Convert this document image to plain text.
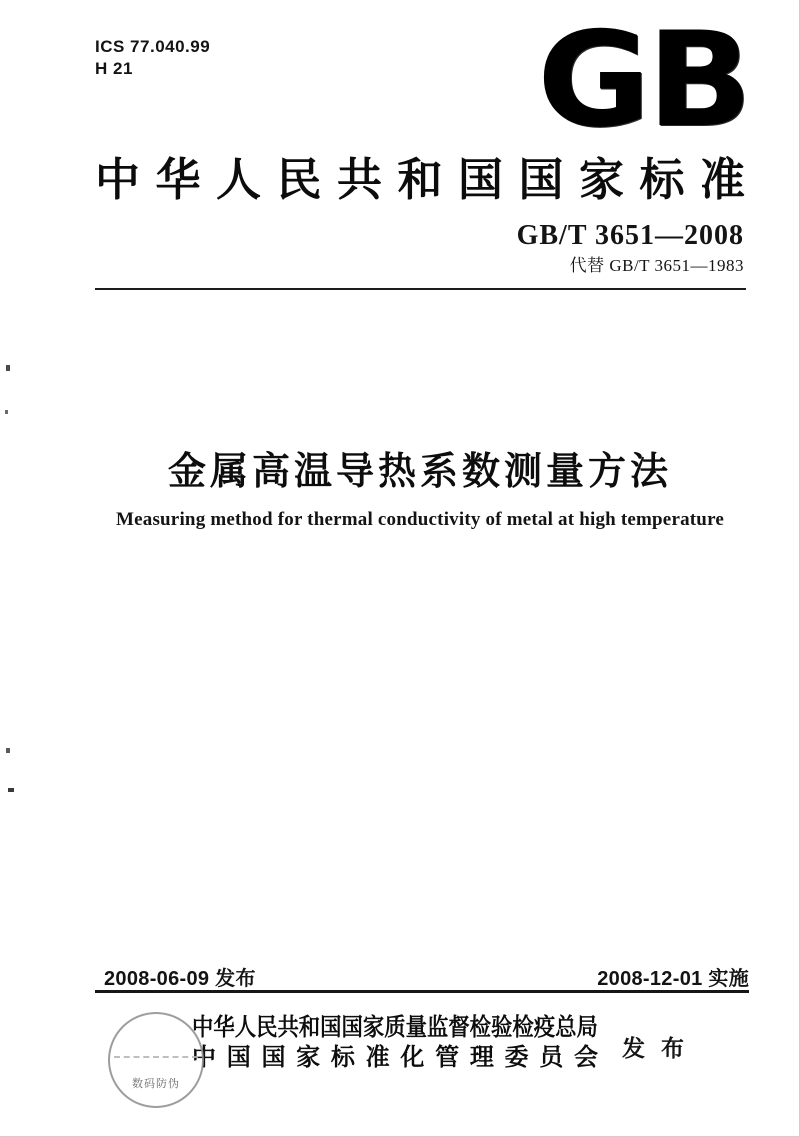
ICS 77.040.99
H 21	GB
中华人民共和国国家标准
GB/T 3651—2008
代替 GB/T 3651—1983
金属高温导热系数测量方法
Measuring method for thermal conductivity of metal at high temperature
2008-06-09 发布	2008-12-01 实施
中华人民共和国国家质量监督检验检疫总局
中国国家标准化管理委员会 发布
数码防伪
